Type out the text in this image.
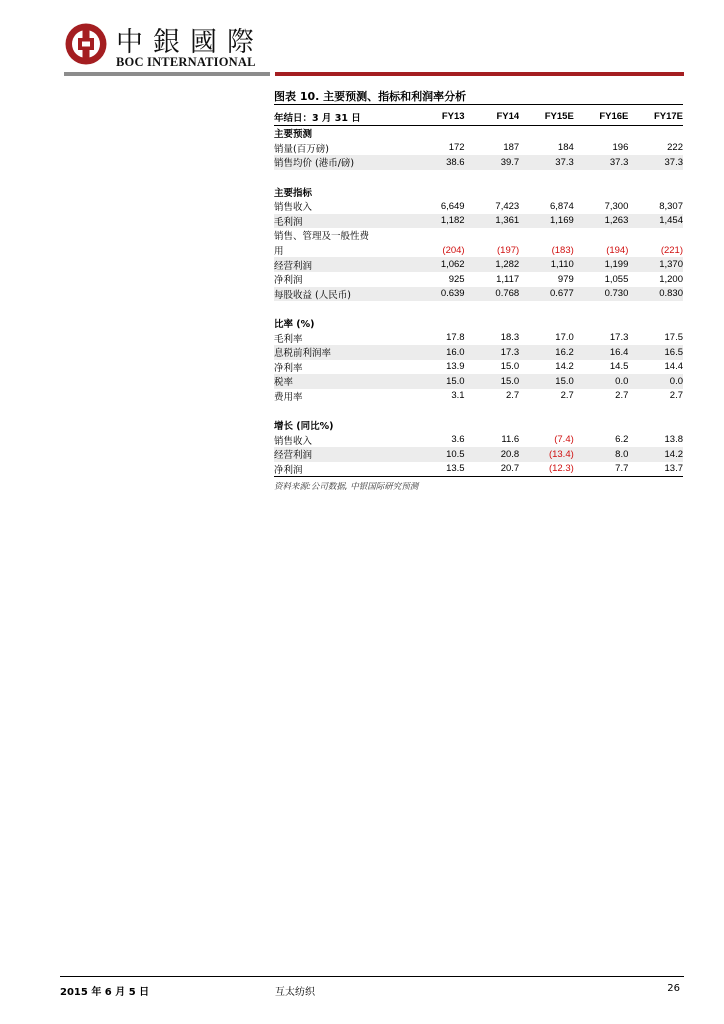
中銀國際
BOC INTERNATIONAL
图表 10. 主要预测、指标和利润率分析
年结日：3 月 31 日	FY13	FY14	FY15E	FY16E	FY17E
主要预测					
销量(百万磅)	172	187	184	196	222
销售均价 (港币/磅)	38.6	39.7	37.3	37.3	37.3

主要指标					
销售收入	6,649	7,423	6,874	7,300	8,307
毛利润	1,182	1,361	1,169	1,263	1,454
销售、管理及一般性费					
用	(204)	(197)	(183)	(194)	(221)
经营利润	1,062	1,282	1,110	1,199	1,370
净利润	925	1,117	979	1,055	1,200
每股收益 (人民币)	0.639	0.768	0.677	0.730	0.830

比率 (%)					
毛利率	17.8	18.3	17.0	17.3	17.5
息税前利润率	16.0	17.3	16.2	16.4	16.5
净利率	13.9	15.0	14.2	14.5	14.4
税率	15.0	15.0	15.0	0.0	0.0
费用率	3.1	2.7	2.7	2.7	2.7

增长 (同比%)					
销售收入	3.6	11.6	(7.4)	6.2	13.8
经营利润	10.5	20.8	(13.4)	8.0	14.2
净利润	13.5	20.7	(12.3)	7.7	13.7
资料来源:公司数据, 中银国际研究预测
2015 年 6 月 5 日	互太纺织	26
